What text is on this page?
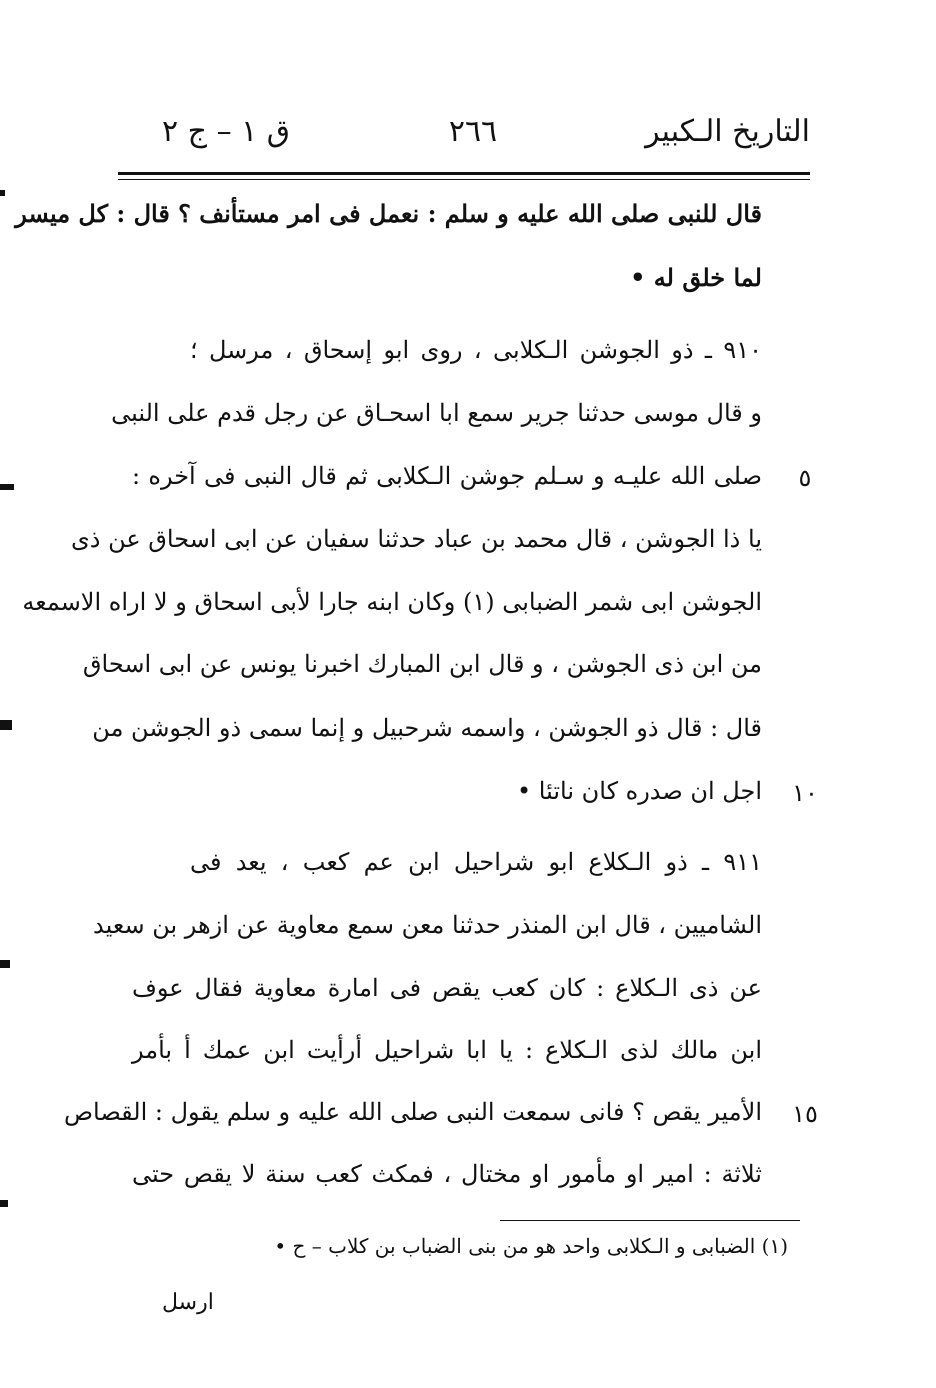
التاريخ الـكبير
٢٦٦
ق ١ – ج ٢
قال للنبى صلى الله عليه و سلم : نعمل فى امر مستأنف ؟ قال : كل ميسر
لما خلق له •
٩١٠ ـ ذو الجوشن الـكلابى ، روى ابو إسحاق ، مرسل ؛
و قال موسى حدثنا جرير سمع ابا اسحـاق عن رجل قدم على النبى
صلى الله عليـه و سـلم جوشن الـكلابى ثم قال النبى فى آخره :	٥
يا ذا الجوشن ، قال محمد بن عباد حدثنا سفيان عن ابى اسحاق عن ذى
الجوشن ابى شمر الضبابى (١) وكان ابنه جارا لأبى اسحاق و لا اراه الاسمعه
من ابن ذى الجوشن ، و قال ابن المبارك اخبرنا يونس عن ابى اسحاق
قال : قال ذو الجوشن ، واسمه شرحبيل و إنما سمى ذو الجوشن من
اجل ان صدره كان ناتئا • ١٠
٩١١ ـ ذو الـكلاع ابو شراحيل ابن عم كعب ، يعد فى
الشاميين ، قال ابن المنذر حدثنا معن سمع معاوية عن ازهر بن سعيد
عن ذى الـكلاع : كان كعب يقص فى امارة معاوية فقال عوف
ابن مالك لذى الـكلاع : يا ابا شراحيل أرأيت ابن عمك أ بأمر
الأمير يقص ؟ فانى سمعت النبى صلى الله عليه و سلم يقول : القصاص ١٥
ثلاثة : امير او مأمور او مختال ، فمكث كعب سنة لا يقص حتى
(١) الضبابى و الـكلابى واحد هو من بنى الضباب بن كلاب – ح •
ارسل
